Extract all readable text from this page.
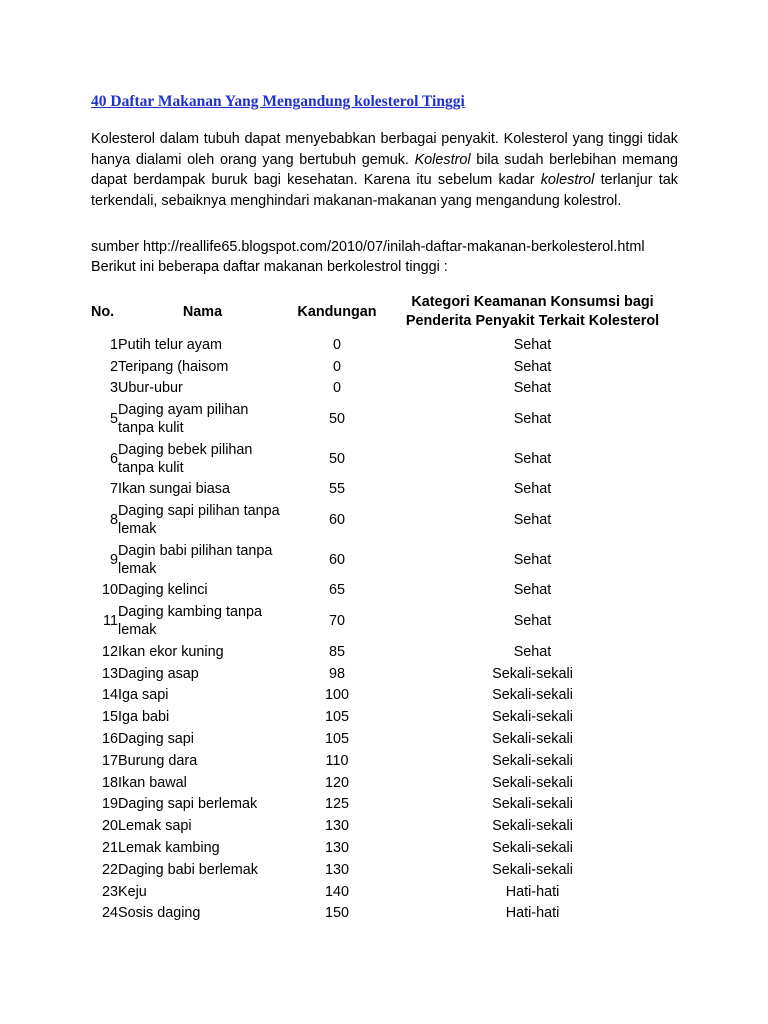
40 Daftar Makanan Yang Mengandung kolesterol Tinggi

Kolesterol dalam tubuh dapat menyebabkan berbagai penyakit. Kolesterol yang tinggi tidak hanya dialami oleh orang yang bertubuh gemuk. Kolestrol bila sudah berlebihan memang dapat berdampak buruk bagi kesehatan. Karena itu sebelum kadar kolestrol terlanjur tak terkendali, sebaiknya menghindari makanan-makanan yang mengandung kolestrol.

sumber http://reallife65.blogspot.com/2010/07/inilah-daftar-makanan-berkolesterol.html
Berikut ini beberapa daftar makanan berkolestrol tinggi :

No.	Nama	Kandungan	Kategori Keamanan Konsumsi bagi
Penderita Penyakit Terkait Kolesterol
1	Putih telur ayam	0	Sehat
2	Teripang (haisom	0	Sehat
3	Ubur-ubur	0	Sehat
5	Daging ayam pilihan tanpa kulit	50	Sehat
6	Daging bebek pilihan tanpa kulit	50	Sehat
7	Ikan sungai biasa	55	Sehat
8	Daging sapi pilihan tanpa lemak	60	Sehat
9	Dagin babi pilihan tanpa lemak	60	Sehat
10	Daging kelinci	65	Sehat
11	Daging kambing tanpa lemak	70	Sehat
12	Ikan ekor kuning	85	Sehat
13	Daging asap	98	Sekali-sekali
14	Iga sapi	100	Sekali-sekali
15	Iga babi	105	Sekali-sekali
16	Daging sapi	105	Sekali-sekali
17	Burung dara	110	Sekali-sekali
18	Ikan bawal	120	Sekali-sekali
19	Daging sapi berlemak	125	Sekali-sekali
20	Lemak sapi	130	Sekali-sekali
21	Lemak kambing	130	Sekali-sekali
22	Daging babi berlemak	130	Sekali-sekali
23	Keju	140	Hati-hati
24	Sosis daging	150	Hati-hati
